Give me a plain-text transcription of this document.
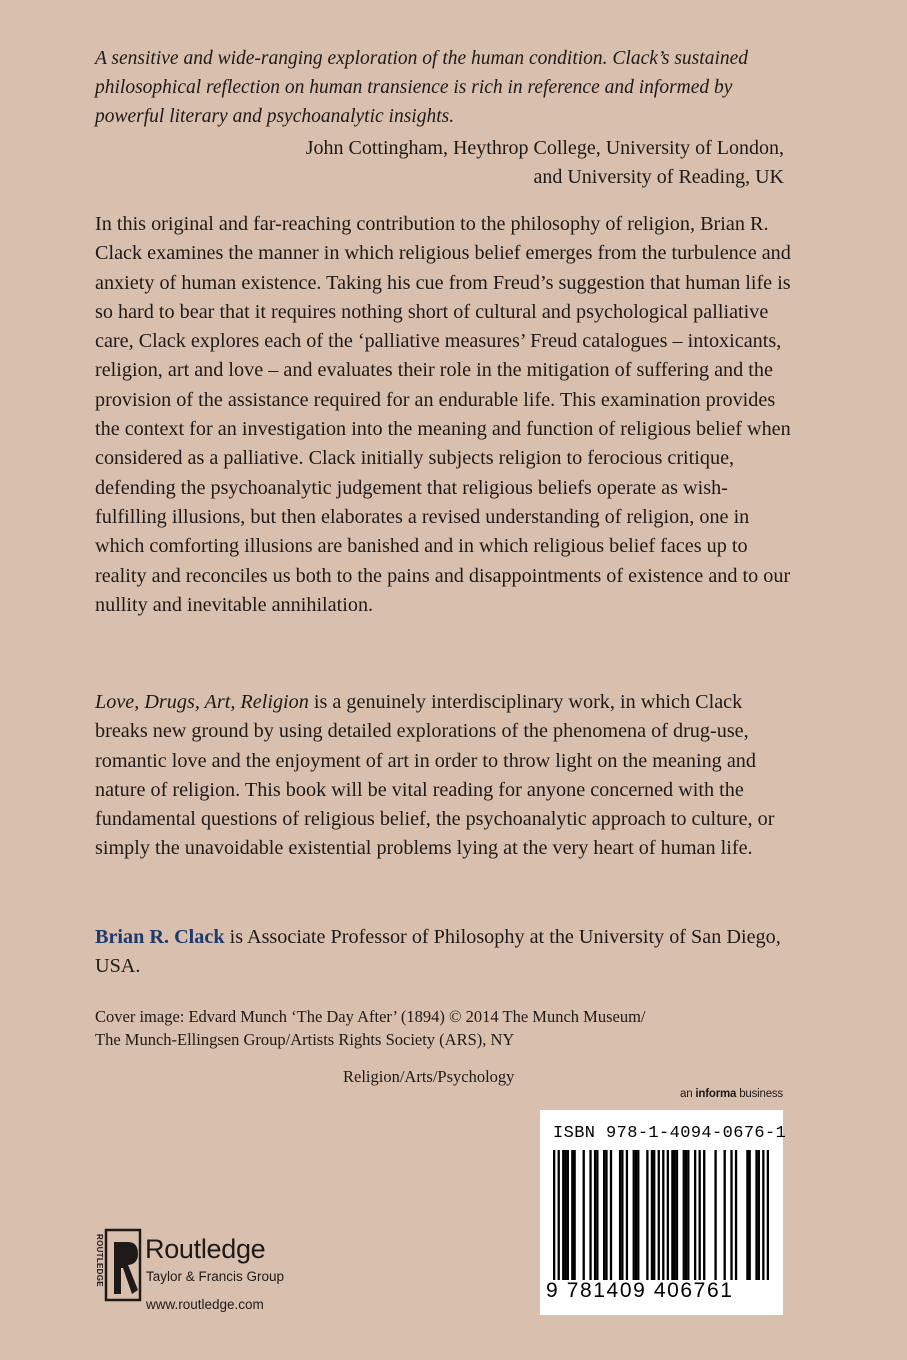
A sensitive and wide-ranging exploration of the human condition. Clack’s sustained philosophical reflection on human transience is rich in reference and informed by powerful literary and psychoanalytic insights.
John Cottingham, Heythrop College, University of London,
and University of Reading, UK
In this original and far-reaching contribution to the philosophy of religion, Brian R. Clack examines the manner in which religious belief emerges from the turbulence and anxiety of human existence. Taking his cue from Freud’s suggestion that human life is so hard to bear that it requires nothing short of cultural and psychological palliative care, Clack explores each of the ‘palliative measures’ Freud catalogues – intoxicants, religion, art and love – and evaluates their role in the mitigation of suffering and the provision of the assistance required for an endurable life. This examination provides the context for an investigation into the meaning and function of religious belief when considered as a palliative. Clack initially subjects religion to ferocious critique, defending the psychoanalytic judgement that religious beliefs operate as wish-fulfilling illusions, but then elaborates a revised understanding of religion, one in which comforting illusions are banished and in which religious belief faces up to reality and reconciles us both to the pains and disappointments of existence and to our nullity and inevitable annihilation.
Love, Drugs, Art, Religion is a genuinely interdisciplinary work, in which Clack breaks new ground by using detailed explorations of the phenomena of drug-use, romantic love and the enjoyment of art in order to throw light on the meaning and nature of religion. This book will be vital reading for anyone concerned with the fundamental questions of religious belief, the psychoanalytic approach to culture, or simply the unavoidable existential problems lying at the very heart of human life.
Brian R. Clack is Associate Professor of Philosophy at the University of San Diego, USA.
Cover image: Edvard Munch ‘The Day After’ (1894) © 2014 The Munch Museum/
The Munch-Ellingsen Group/Artists Rights Society (ARS), NY
Religion/Arts/Psychology
an informa business
ISBN 978-1-4094-0676-1
9 781409 406761
ROUTLEDGE Routledge
Taylor & Francis Group
www.routledge.com
